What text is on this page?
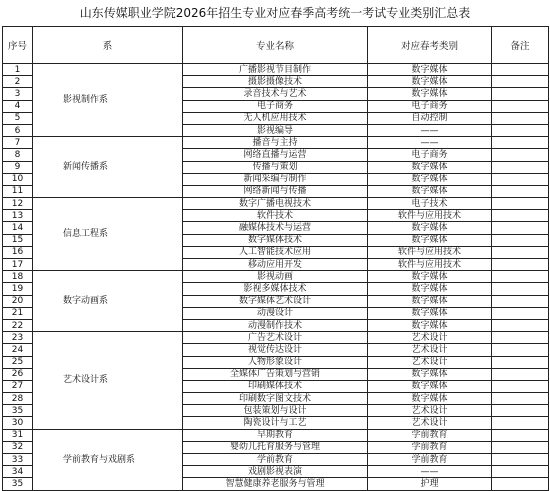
山东传媒职业学院2026年招生专业对应春季高考统一考试专业类别汇总表
序号	系	专业名称	对应春考类别	备注
1	影视制作系	广播影视节目制作	数字媒体	
2		摄影摄像技术	数字媒体	
3		录音技术与艺术	数字媒体	
4		电子商务	电子商务	
5		无人机应用技术	自动控制	
6		影视编导	——	
7	新闻传播系	播音与主持	——	
8		网络直播与运营	电子商务	
9		传播与策划	数字媒体	
10		新闻采编与制作	数字媒体	
11		网络新闻与传播	数字媒体	
12	信息工程系	数字广播电视技术	电子技术	
13		软件技术	软件与应用技术	
14		融媒体技术与运营	数字媒体	
15		数字媒体技术	数字媒体	
16		人工智能技术应用	软件与应用技术	
17		移动应用开发	软件与应用技术	
18	数字动画系	影视动画	数字媒体	
19		影视多媒体技术	数字媒体	
20		数字媒体艺术设计	数字媒体	
21		动漫设计	数字媒体	
22		动漫制作技术	数字媒体	
23	艺术设计系	广告艺术设计	艺术设计	
24		视觉传达设计	艺术设计	
25		人物形象设计	艺术设计	
26		全媒体广告策划与营销	数字媒体	
27		印刷媒体技术	数字媒体	
28		印刷数字图文技术	数字媒体	
35		包装策划与设计	艺术设计	
30		陶瓷设计与工艺	艺术设计	
31	学前教育与戏剧系	早期教育	学前教育	
32		婴幼儿托育服务与管理	学前教育	
33		学前教育	学前教育	
34		戏剧影视表演	——	
35		智慧健康养老服务与管理	护理	
